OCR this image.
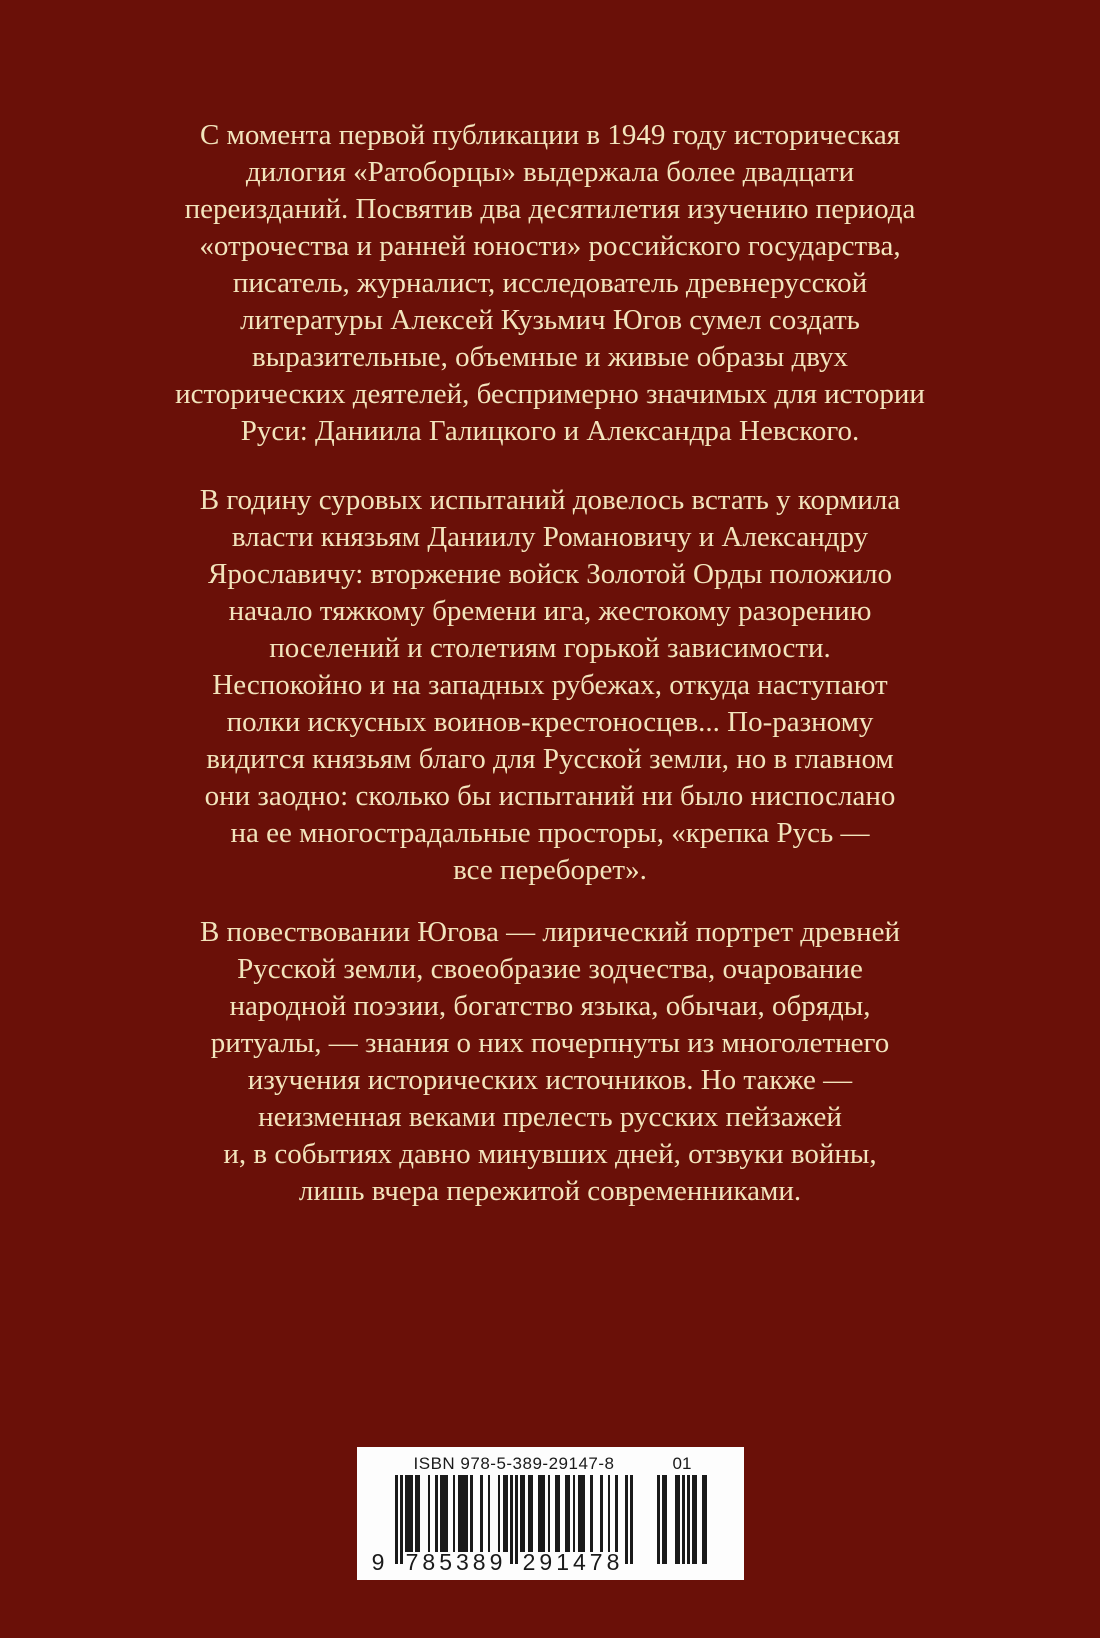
С момента первой публикации в 1949 году историческая
дилогия «Ратоборцы» выдержала более двадцати
переизданий. Посвятив два десятилетия изучению периода
«отрочества и ранней юности» российского государства,
писатель, журналист, исследователь древнерусской
литературы Алексей Кузьмич Югов сумел создать
выразительные, объемные и живые образы двух
исторических деятелей, беспримерно значимых для истории
Руси: Даниила Галицкого и Александра Невского.
В годину суровых испытаний довелось встать у кормила
власти князьям Даниилу Романовичу и Александру
Ярославичу: вторжение войск Золотой Орды положило
начало тяжкому бремени ига, жестокому разорению
поселений и столетиям горькой зависимости.
Неспокойно и на западных рубежах, откуда наступают
полки искусных воинов-крестоносцев... По-разному
видится князьям благо для Русской земли, но в главном
они заодно: сколько бы испытаний ни было ниспослано
на ее многострадальные просторы, «крепка Русь —
все переборет».
В повествовании Югова — лирический портрет древней
Русской земли, своеобразие зодчества, очарование
народной поэзии, богатство языка, обычаи, обряды,
ритуалы, — знания о них почерпнуты из многолетнего
изучения исторических источников. Но также —
неизменная веками прелесть русских пейзажей
и, в событиях давно минувших дней, отзвуки войны,
лишь вчера пережитой современниками.
ISBN 978-5-389-29147-8	01
9 785389 291478
